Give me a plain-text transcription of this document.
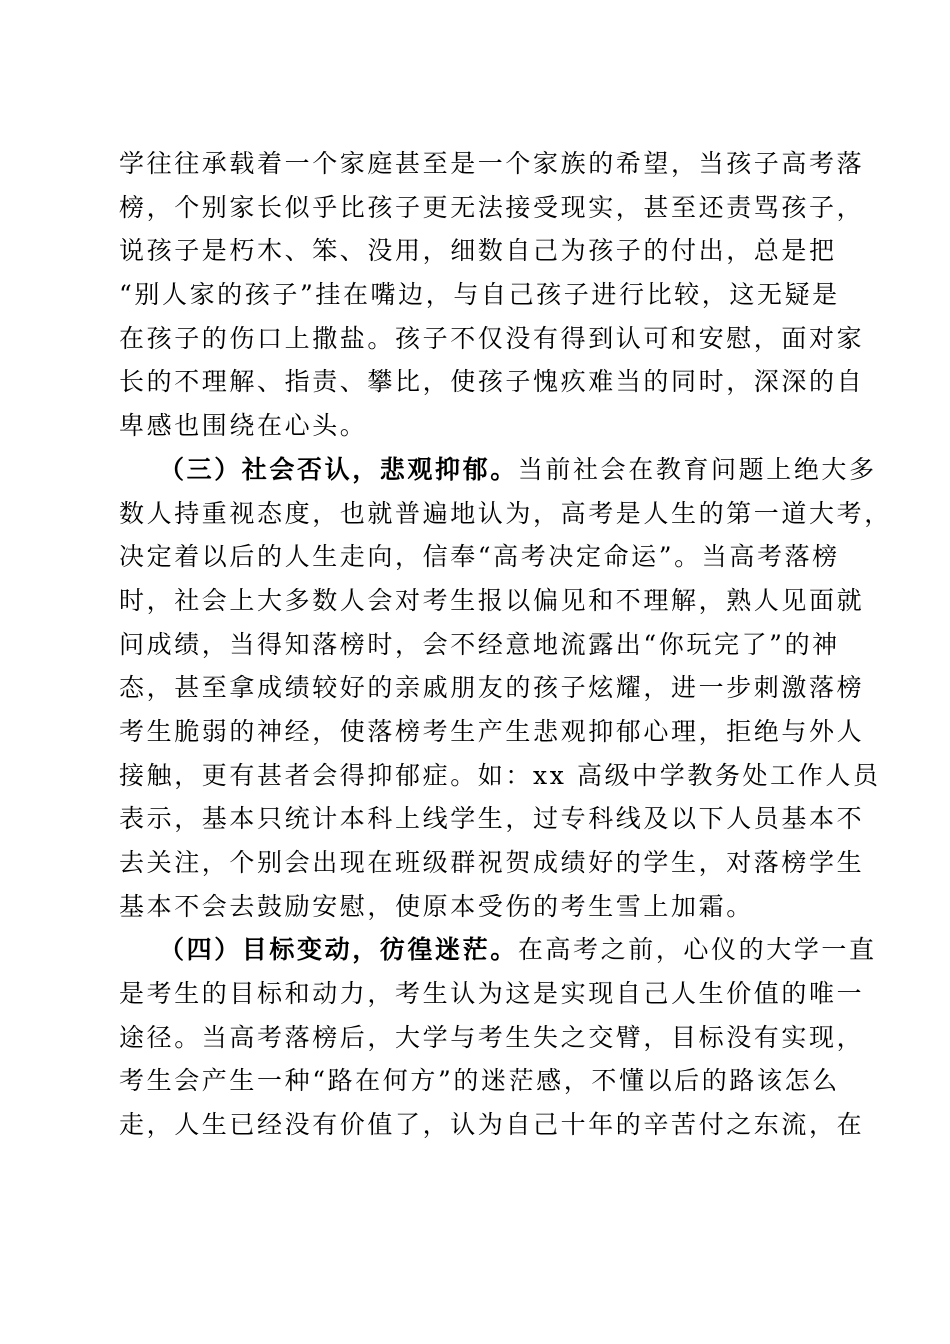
学往往承载着一个家庭甚至是一个家族的希望，当孩子高考落
榜，个别家长似乎比孩子更无法接受现实，甚至还责骂孩子，
说孩子是朽木、笨、没用，细数自己为孩子的付出，总是把
“别人家的孩子”挂在嘴边，与自己孩子进行比较，这无疑是
在孩子的伤口上撒盐。孩子不仅没有得到认可和安慰，面对家
长的不理解、指责、攀比，使孩子愧疚难当的同时，深深的自
卑感也围绕在心头。
（三）社会否认，悲观抑郁。当前社会在教育问题上绝大多
数人持重视态度，也就普遍地认为，高考是人生的第一道大考，
决定着以后的人生走向，信奉“高考决定命运”。当高考落榜
时，社会上大多数人会对考生报以偏见和不理解，熟人见面就
问成绩，当得知落榜时，会不经意地流露出“你玩完了”的神
态，甚至拿成绩较好的亲戚朋友的孩子炫耀，进一步刺激落榜
考生脆弱的神经，使落榜考生产生悲观抑郁心理，拒绝与外人
接触，更有甚者会得抑郁症。如：xx 高级中学教务处工作人员
表示，基本只统计本科上线学生，过专科线及以下人员基本不
去关注，个别会出现在班级群祝贺成绩好的学生，对落榜学生
基本不会去鼓励安慰，使原本受伤的考生雪上加霜。
（四）目标变动，彷徨迷茫。在高考之前，心仪的大学一直
是考生的目标和动力，考生认为这是实现自己人生价值的唯一
途径。当高考落榜后，大学与考生失之交臂，目标没有实现，
考生会产生一种“路在何方”的迷茫感，不懂以后的路该怎么
走，人生已经没有价值了，认为自己十年的辛苦付之东流，在
